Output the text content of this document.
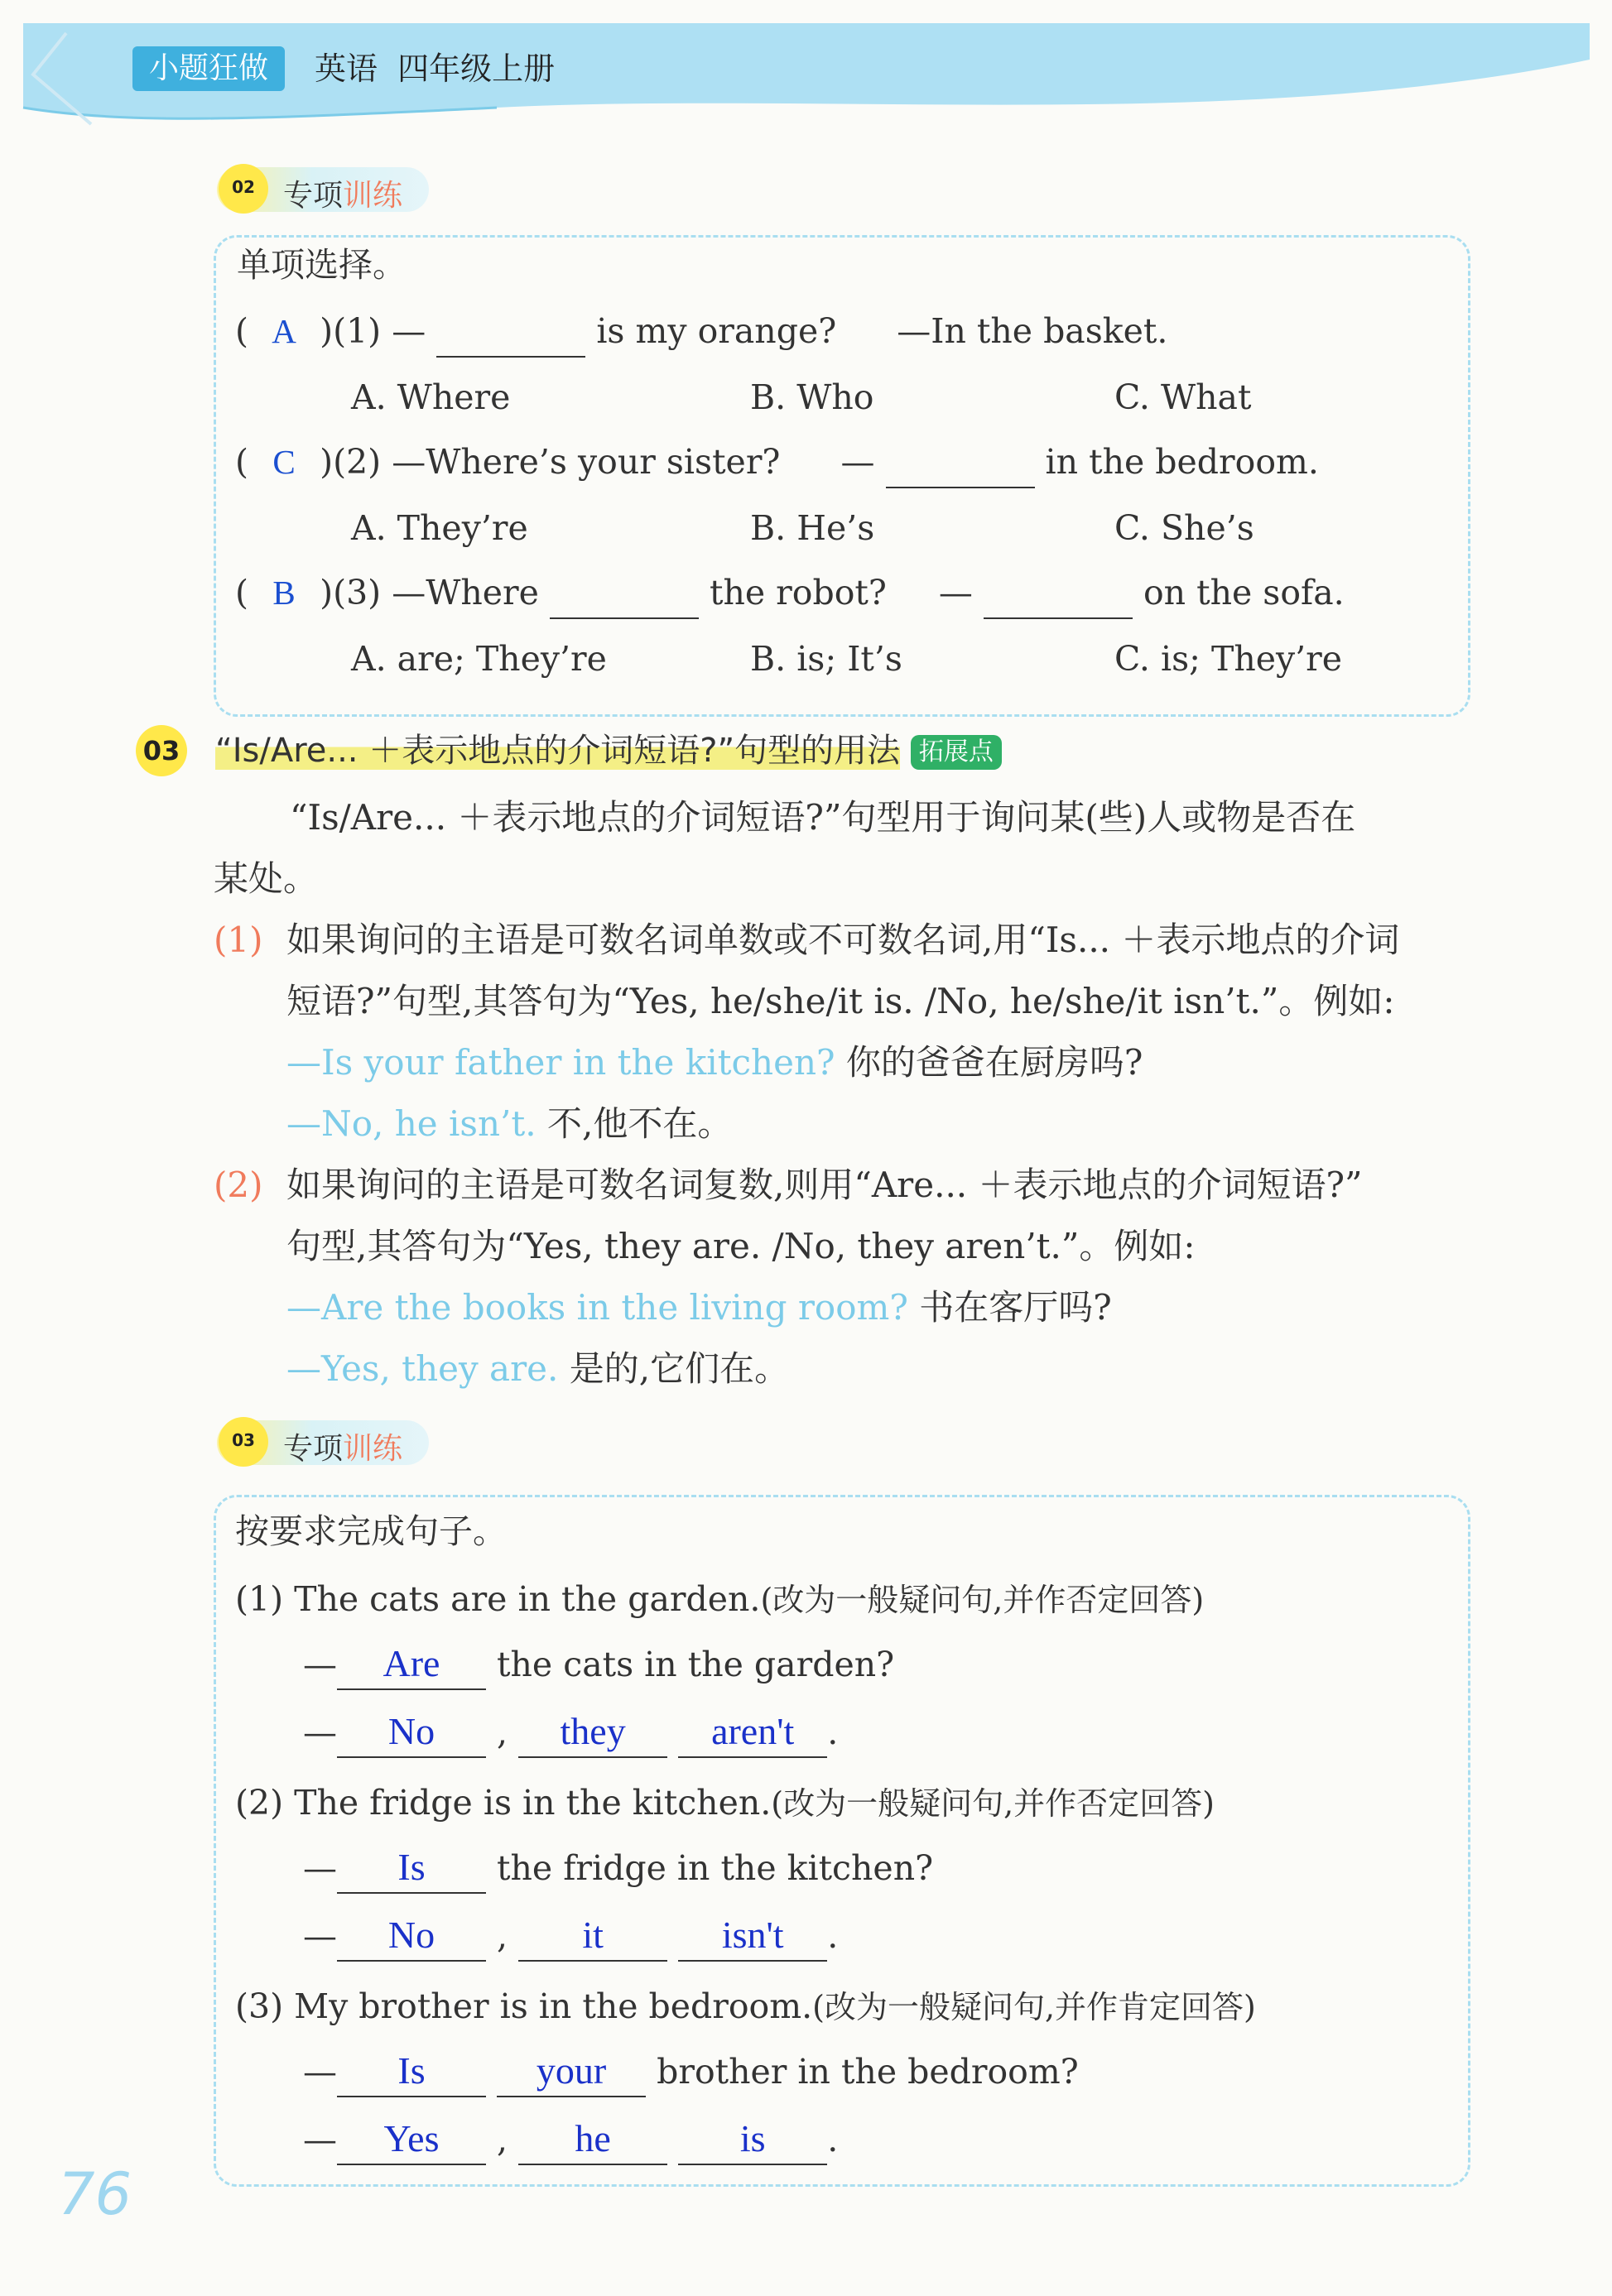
小题狂做	英语  四年级上册
02 专项训练
单项选择。
( A )(1) —	is my orange? —In the basket.
A. Where	B. Who	C. What
( C )(2) —Where’s your sister? —	in the bedroom.
A. They’re	B. He’s	C. She’s
( B )(3) —Where	the robot? —	on the sofa.
A. are; They’re	B. is; It’s	C. is; They’re
03 “Is/Are... ＋表示地点的介词短语?”句型的用法 拓展点
“Is/Are... ＋表示地点的介词短语?”句型用于询问某(些)人或物是否在
某处。
(1) 如果询问的主语是可数名词单数或不可数名词,用“Is... ＋表示地点的介词
短语?”句型,其答句为“Yes, he/she/it is. /No, he/she/it isn’t.”。例如:
—Is your father in the kitchen? 你的爸爸在厨房吗?
—No, he isn’t. 不,他不在。
(2) 如果询问的主语是可数名词复数,则用“Are... ＋表示地点的介词短语?”
句型,其答句为“Yes, they are. /No, they aren’t.”。例如:
—Are the books in the living room? 书在客厅吗?
—Yes, they are. 是的,它们在。
03 专项训练
按要求完成句子。
(1) The cats are in the garden.(改为一般疑问句,并作否定回答)
— Are the cats in the garden?
— No , they aren't .
(2) The fridge is in the kitchen.(改为一般疑问句,并作否定回答)
— Is the fridge in the kitchen?
— No , it	isn't .
(3) My brother is in the bedroom.(改为一般疑问句,并作肯定回答)
— Is	your brother in the bedroom?
— Yes , he	is .
76
